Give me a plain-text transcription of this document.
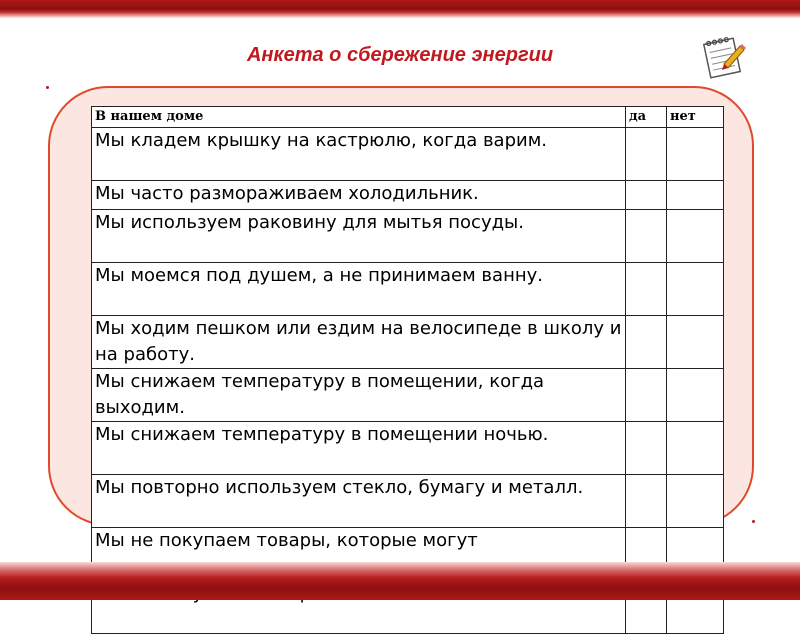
Анкета о сбережение энергии
В нашем доме	да	нет
Мы кладем крышку на кастрюлю, когда варим.		
Мы часто размораживаем холодильник.		
Мы используем раковину для мытья посуды.		
Мы моемся под душем, а не принимаем ванну.		
Мы ходим пешком или ездим на велосипеде в школу и на работу.		
Мы снижаем температуру в помещении, когда выходим.		
Мы снижаем температуру в помещении ночью.		
Мы повторно используем стекло, бумагу и металл.		
Мы не покупаем товары, которые могут		
